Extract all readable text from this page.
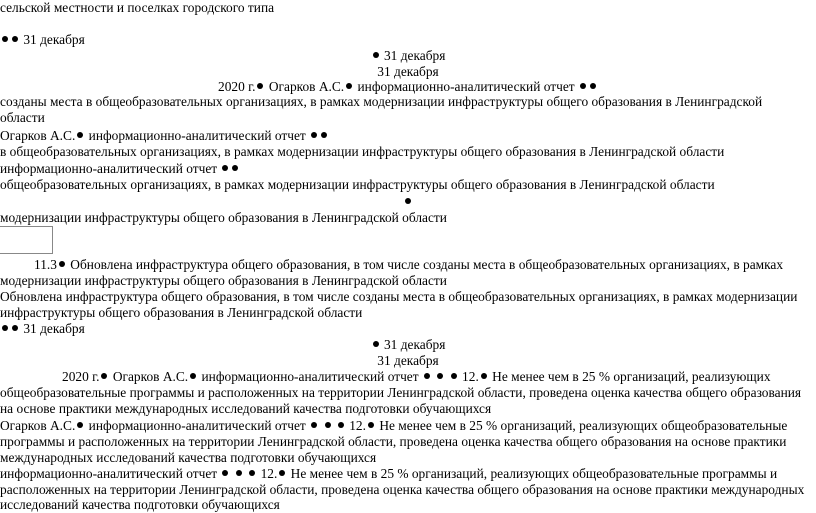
сельской местности и поселках городского типа
31 декабря
31 декабря
31 декабря
2020 г. Огарков А.С. информационно-аналитический отчет
созданы места в общеобразовательных организациях, в рамках модернизации инфраструктуры общего образования в Ленинградской
области
Огарков А.С. информационно-аналитический отчет
в общеобразовательных организациях, в рамках модернизации инфраструктуры общего образования в Ленинградской области
информационно-аналитический отчет
общеобразовательных организациях, в рамках модернизации инфраструктуры общего образования в Ленинградской области
модернизации инфраструктуры общего образования в Ленинградской области
11.3 Обновлена инфраструктура общего образования, в том числе созданы места в общеобразовательных организациях, в рамках
модернизации инфраструктуры общего образования в Ленинградской области
Обновлена инфраструктура общего образования, в том числе созданы места в общеобразовательных организациях, в рамках модернизации
инфраструктуры общего образования в Ленинградской области
31 декабря
31 декабря
31 декабря
2020 г. Огарков А.С. информационно-аналитический отчет	12. Не менее чем в 25 % организаций, реализующих
общеобразовательные программы и расположенных на территории Ленинградской области, проведена оценка качества общего образования
на основе практики международных исследований качества подготовки обучающихся
Огарков А.С. информационно-аналитический отчет	12. Не менее чем в 25 % организаций, реализующих общеобразовательные
программы и расположенных на территории Ленинградской области, проведена оценка качества общего образования на основе практики
международных исследований качества подготовки обучающихся
информационно-аналитический отчет	12. Не менее чем в 25 % организаций, реализующих общеобразовательные программы и
расположенных на территории Ленинградской области, проведена оценка качества общего образования на основе практики международных
исследований качества подготовки обучающихся
